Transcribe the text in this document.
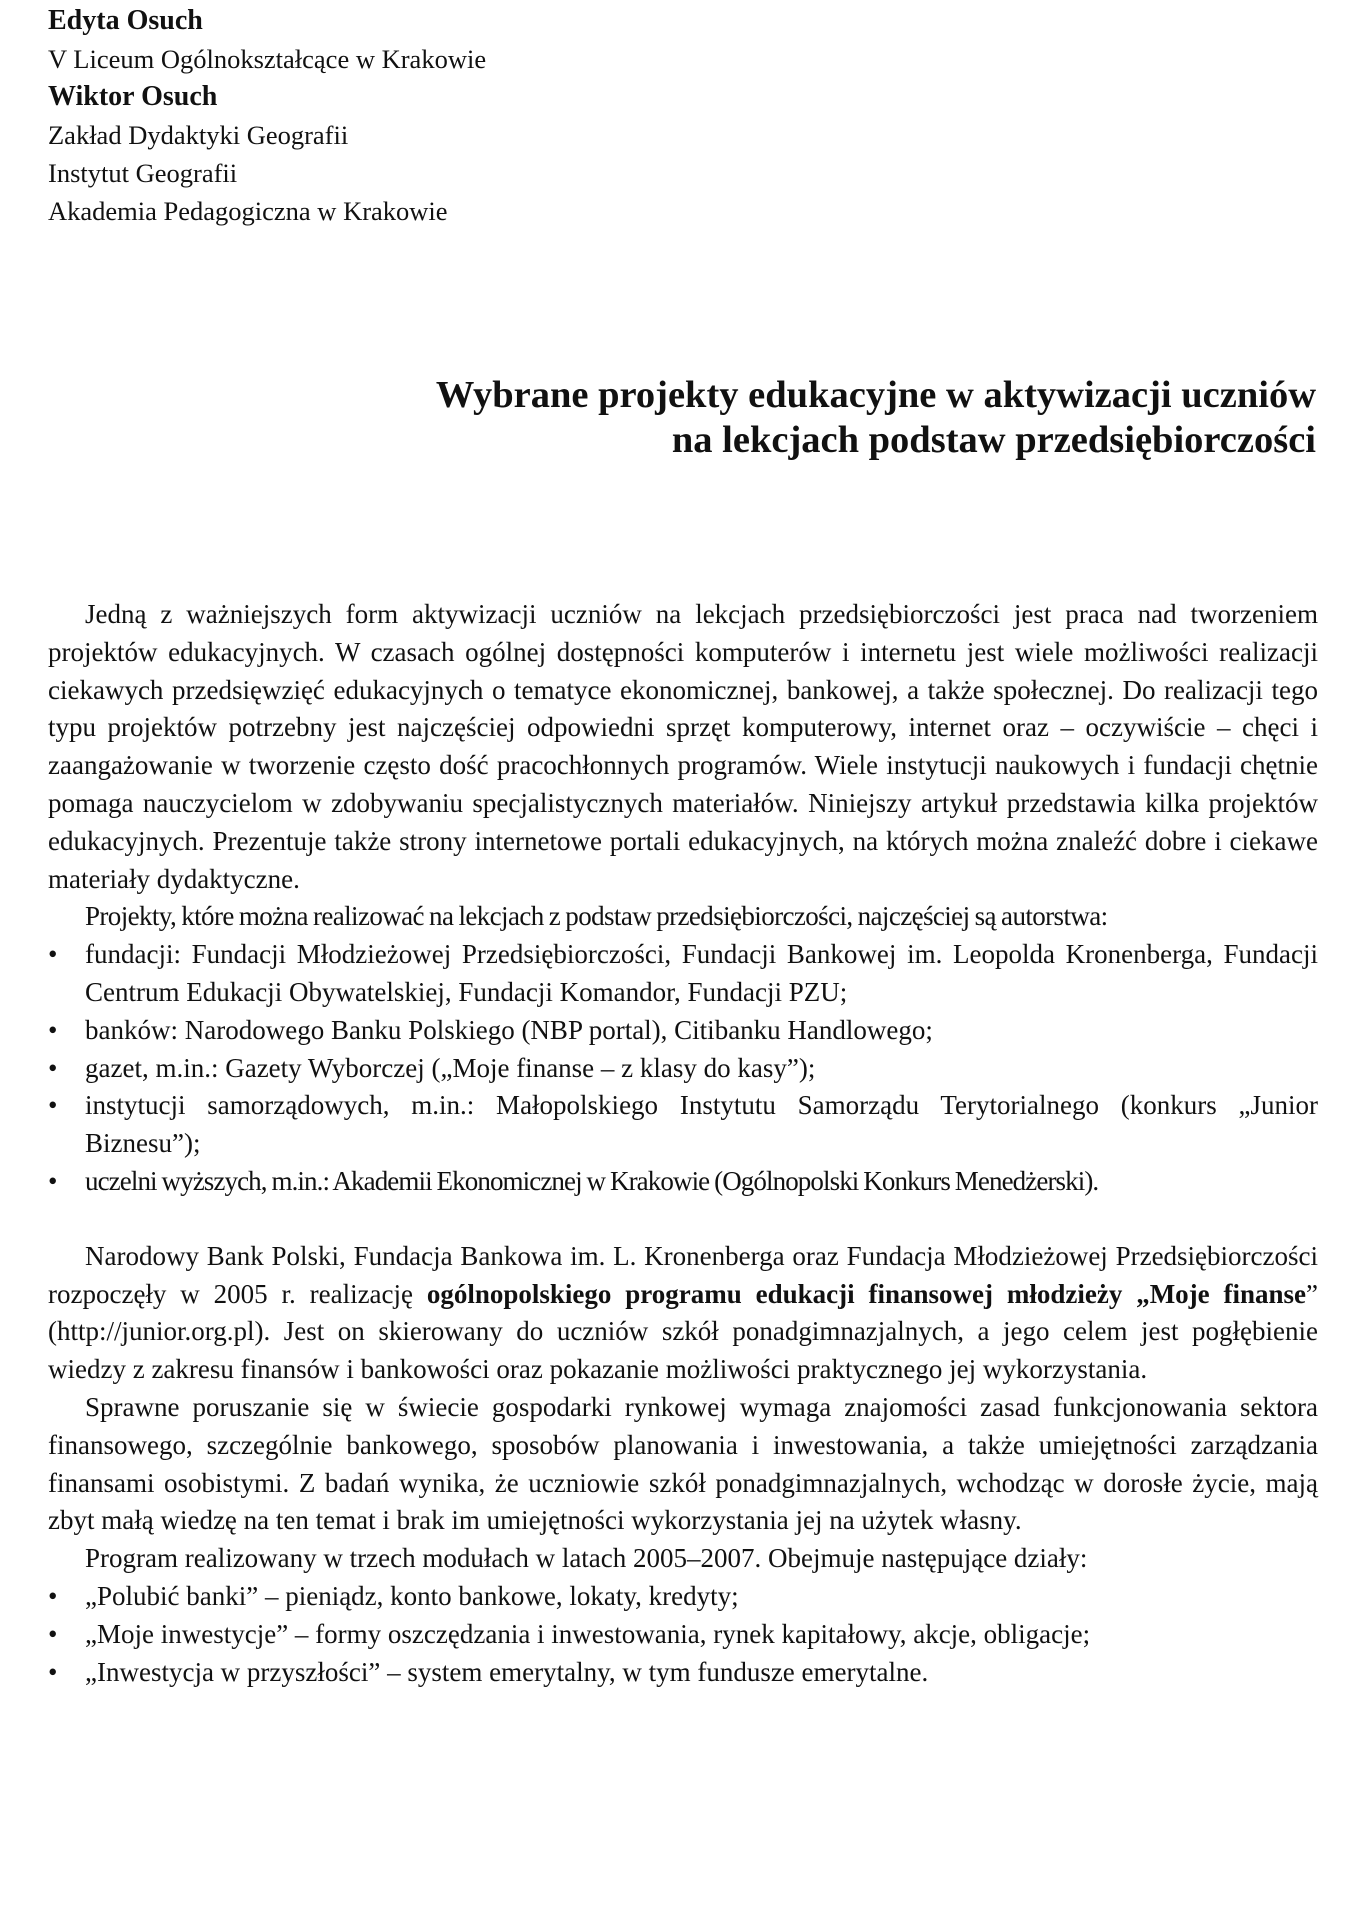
Edyta Osuch
V Liceum Ogólnokształcące w Krakowie
Wiktor Osuch
Zakład Dydaktyki Geografii
Instytut Geografii
Akademia Pedagogiczna w Krakowie
Wybrane projekty edukacyjne w aktywizacji uczniów
na lekcjach podstaw przedsiębiorczości

Jedną z ważniejszych form aktywizacji uczniów na lekcjach przedsiębiorczości jest praca nad tworzeniem projektów edukacyjnych. W czasach ogólnej dostępności komputerów i internetu jest wiele możliwości realizacji ciekawych przedsięwzięć edukacyjnych o tematyce ekonomicznej, bankowej, a także społecznej. Do realizacji tego typu projektów potrzebny jest najczęściej odpowiedni sprzęt komputerowy, internet oraz – oczywiście – chęci i zaangażowanie w tworzenie często dość pracochłonnych programów. Wiele instytucji naukowych i fundacji chętnie pomaga nauczycielom w zdobywaniu specjalistycznych materiałów. Niniejszy artykuł przedstawia kilka projektów edukacyjnych. Prezentuje także strony internetowe portali edukacyjnych, na których można znaleźć dobre i ciekawe materiały dydaktyczne.

Projekty, które można realizować na lekcjach z podstaw przedsiębiorczości, najczęściej są autorstwa:

• fundacji: Fundacji Młodzieżowej Przedsiębiorczości, Fundacji Bankowej im. Leopolda Kronenberga, Fundacji Centrum Edukacji Obywatelskiej, Fundacji Komandor, Fundacji PZU;
• banków: Narodowego Banku Polskiego (NBP portal), Citibanku Handlowego;
• gazet, m.in.: Gazety Wyborczej („Moje finanse – z klasy do kasy”);
• instytucji samorządowych, m.in.: Małopolskiego Instytutu Samorządu Terytorialnego (konkurs „Junior Biznesu”);
• uczelni wyższych, m.in.: Akademii Ekonomicznej w Krakowie (Ogólnopolski Konkurs Menedżerski).

Narodowy Bank Polski, Fundacja Bankowa im. L. Kronenberga oraz Fundacja Młodzieżowej Przedsiębiorczości rozpoczęły w 2005 r. realizację ogólnopolskiego programu edukacji finansowej młodzieży „Moje finanse” (http://junior.org.pl). Jest on skierowany do uczniów szkół ponadgimnazjalnych, a jego celem jest pogłębienie wiedzy z zakresu finansów i bankowości oraz pokazanie możliwości praktycznego jej wykorzystania.

Sprawne poruszanie się w świecie gospodarki rynkowej wymaga znajomości zasad funkcjonowania sektora finansowego, szczególnie bankowego, sposobów planowania i inwestowania, a także umiejętności zarządzania finansami osobistymi. Z badań wynika, że uczniowie szkół ponadgimnazjalnych, wchodząc w dorosłe życie, mają zbyt małą wiedzę na ten temat i brak im umiejętności wykorzystania jej na użytek własny.

Program realizowany w trzech modułach w latach 2005–2007. Obejmuje następujące działy:

• „Polubić banki” – pieniądz, konto bankowe, lokaty, kredyty;
• „Moje inwestycje” – formy oszczędzania i inwestowania, rynek kapitałowy, akcje, obligacje;
• „Inwestycja w przyszłości” – system emerytalny, w tym fundusze emerytalne.
